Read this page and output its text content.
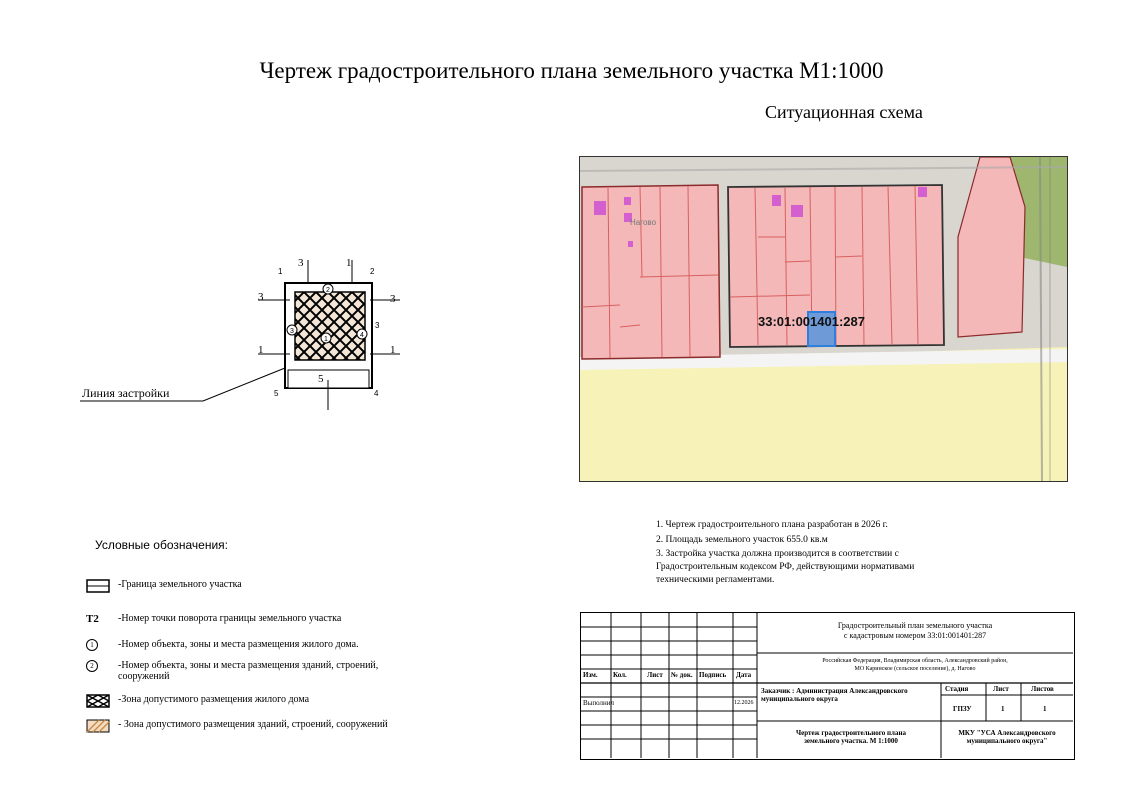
Чертеж градостроительного плана земельного участка М1:1000
Ситуационная схема
Нагово
33:01:001401:287
Линия застройки
3	1
3	3
1	1
5
1	2
3
4
5
2
3
4
1
Условные обозначения:
-Граница земельного участка
Т2	-Номер точки поворота границы земельного участка
1	-Номер объекта, зоны и места размещения жилого дома.
2	-Номер объекта, зоны и места размещения зданий, строений, сооружений
-Зона допустимого размещения жилого дома
- Зона допустимого размещения зданий, строений, сооружений
1. Чертеж градостроительного плана разработан в 2026 г.
2. Площадь земельного участок 655.0 кв.м
3. Застройка участка должна производится в соответствии с
Градостроительным кодексом РФ, действующими нормативами
техническими регламентами.
Градостроительный план земельного участка
с кадастровым номером 33:01:001401:287
Российская Федерация, Владимирская область, Александровский район,
МО Каринское (сельское поселение), д. Нагово
Изм. Кол.	Лист № док. Подпись Дата
Выполнил	12.2026
Заказчик : Администрация Александровского муниципального округа
Стадия	Лист	Листов
ГПЗУ	1	1
Чертеж градостроительного плана земельного участка. М 1:1000
МКУ "УСА Александровского муниципального округа"
